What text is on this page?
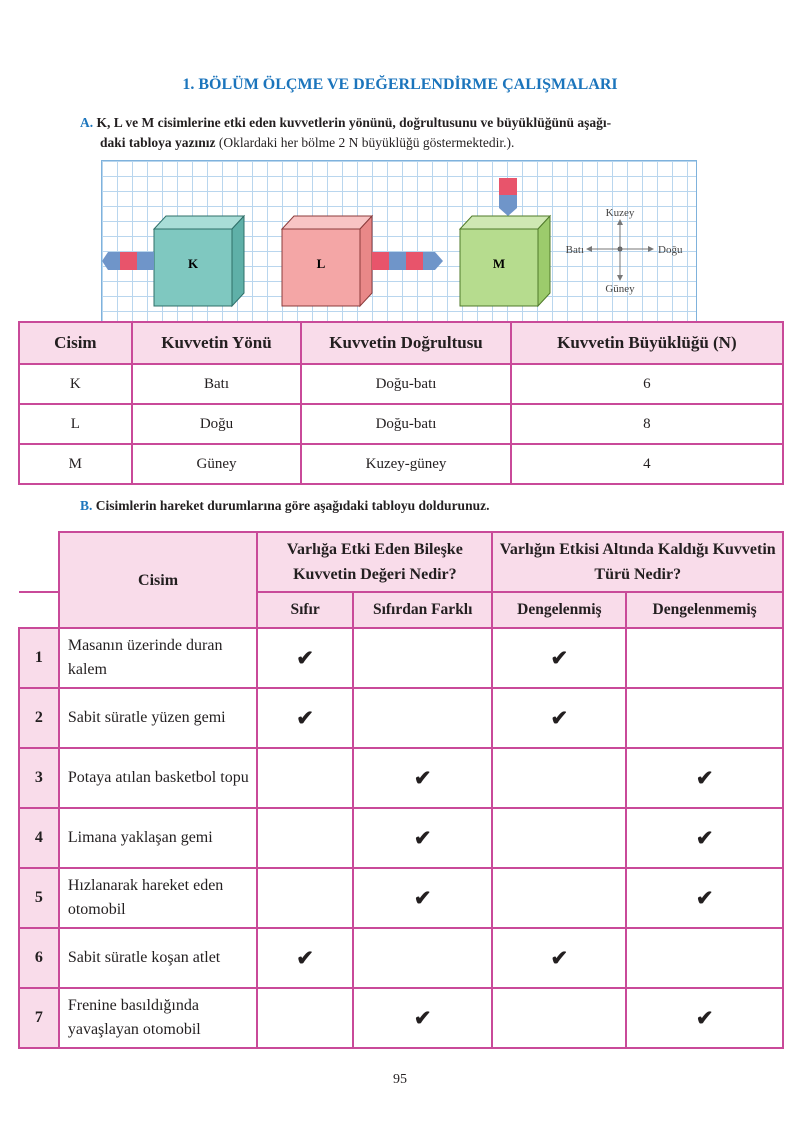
1. BÖLÜM ÖLÇME VE DEĞERLENDİRME ÇALIŞMALARI
A. K, L ve M cisimlerine etki eden kuvvetlerin yönünü, doğrultusunu ve büyüklüğünü aşağı-
daki tabloya yazınız (Oklardaki her bölme 2 N büyüklüğü göstermektedir.).
K	L	M
Kuzey
Güney
Doğu
Batı
Cisim	Kuvvetin Yönü	Kuvvetin Doğrultusu	Kuvvetin Büyüklüğü (N)
K	Batı	Doğu-batı	6
L	Doğu	Doğu-batı	8
M	Güney	Kuzey-güney	4
B. Cisimlerin hareket durumlarına göre aşağıdaki tabloyu doldurunuz.
	Cisim	Varlığa Etki Eden Bileşke Kuvvetin Değeri Nedir?		Varlığın Etkisi Altında Kaldığı Kuvvetin Türü Nedir?	
		Sıfır	Sıfırdan Farklı	Dengelenmiş	Dengelenmemiş
1	Masanın üzerinde duran kalem	✔		✔	
2	Sabit süratle yüzen gemi	✔		✔	
3	Potaya atılan basketbol topu		✔		✔
4	Limana yaklaşan gemi		✔		✔
5	Hızlanarak hareket eden otomobil		✔		✔
6	Sabit süratle koşan atlet	✔		✔	
7	Frenine basıldığında yavaşlayan otomobil		✔		✔
95
